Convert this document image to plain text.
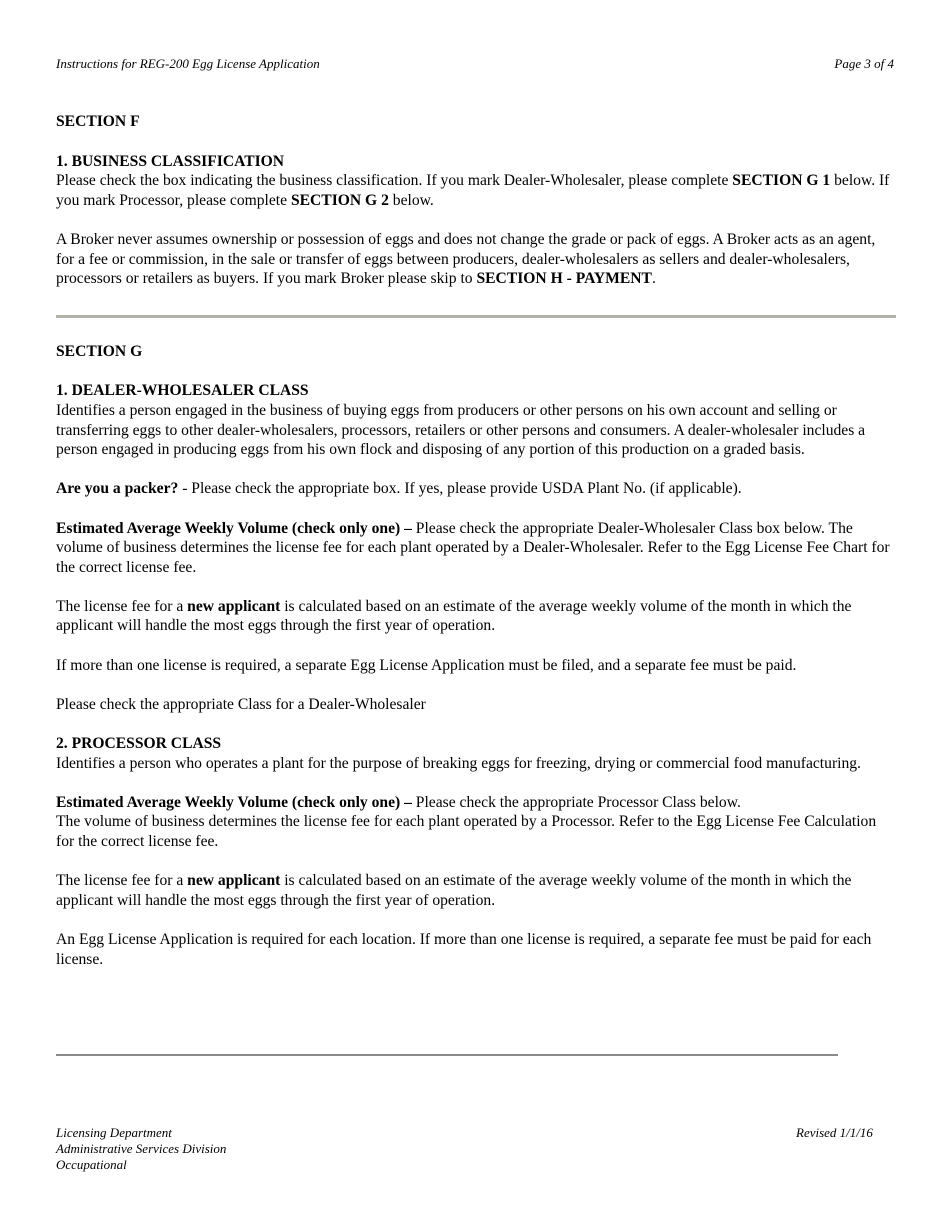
Instructions for REG-200 Egg License Application	Page 3 of 4
SECTION F
1. BUSINESS CLASSIFICATION

Please check the box indicating the business classification. If you mark Dealer-Wholesaler, please complete SECTION G 1 below. If you mark Processor, please complete SECTION G 2 below.

A Broker never assumes ownership or possession of eggs and does not change the grade or pack of eggs. A Broker acts as an agent, for a fee or commission, in the sale or transfer of eggs between producers, dealer-wholesalers as sellers and dealer-wholesalers, processors or retailers as buyers. If you mark Broker please skip to SECTION H - PAYMENT.

SECTION G
1. DEALER-WHOLESALER CLASS

Identifies a person engaged in the business of buying eggs from producers or other persons on his own account and selling or transferring eggs to other dealer-wholesalers, processors, retailers or other persons and consumers. A dealer-wholesaler includes a person engaged in producing eggs from his own flock and disposing of any portion of this production on a graded basis.

Are you a packer? - Please check the appropriate box. If yes, please provide USDA Plant No. (if applicable).

Estimated Average Weekly Volume (check only one) – Please check the appropriate Dealer-Wholesaler Class box below. The volume of business determines the license fee for each plant operated by a Dealer-Wholesaler. Refer to the Egg License Fee Chart for the correct license fee.

The license fee for a new applicant is calculated based on an estimate of the average weekly volume of the month in which the applicant will handle the most eggs through the first year of operation.

If more than one license is required, a separate Egg License Application must be filed, and a separate fee must be paid.

Please check the appropriate Class for a Dealer-Wholesaler

2. PROCESSOR CLASS

Identifies a person who operates a plant for the purpose of breaking eggs for freezing, drying or commercial food manufacturing.

Estimated Average Weekly Volume (check only one) – Please check the appropriate Processor Class below.
The volume of business determines the license fee for each plant operated by a Processor. Refer to the Egg License Fee Calculation for the correct license fee.

The license fee for a new applicant is calculated based on an estimate of the average weekly volume of the month in which the applicant will handle the most eggs through the first year of operation.

An Egg License Application is required for each location. If more than one license is required, a separate fee must be paid for each license.

Licensing Department
Administrative Services Division
Occupational
Revised 1/1/16
